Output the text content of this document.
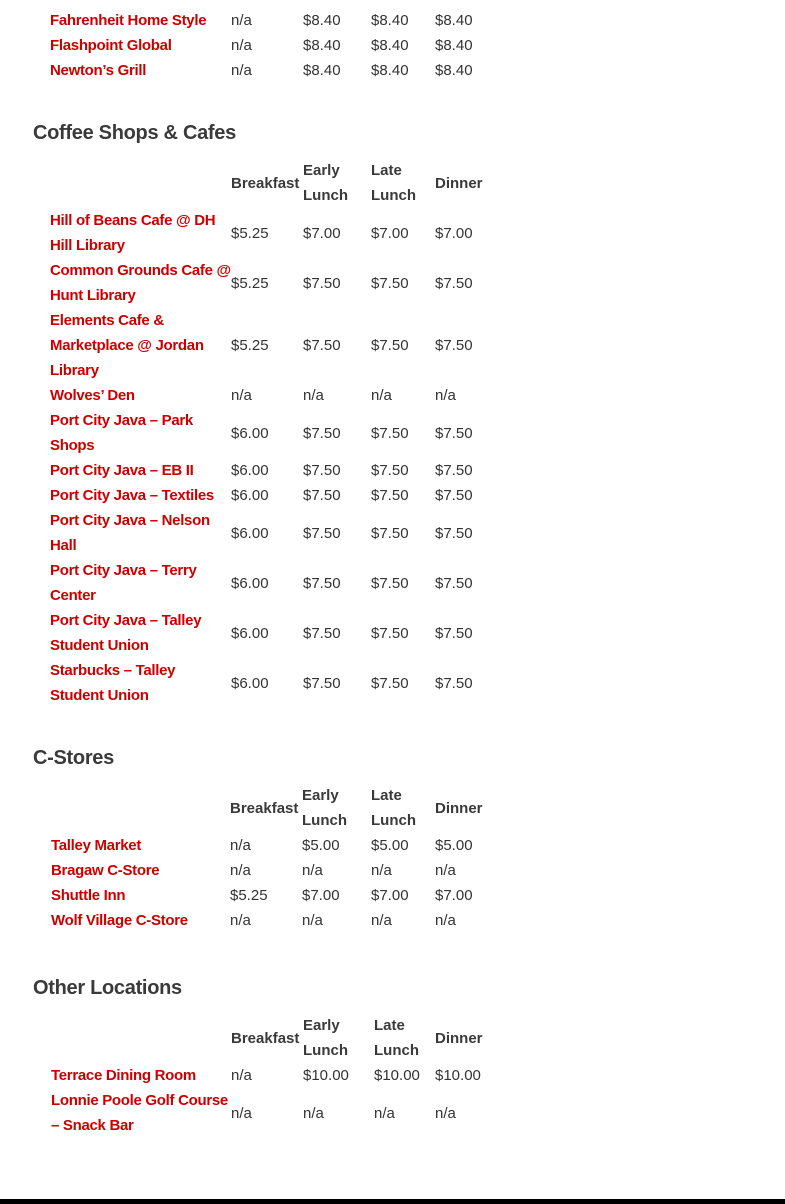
Fahrenheit Home Style	n/a	$8.40	$8.40	$8.40
Flashpoint Global	n/a	$8.40	$8.40	$8.40
Newton’s Grill	n/a	$8.40	$8.40	$8.40
Coffee Shops & Cafes
	Breakfast	Early Lunch	Late Lunch	Dinner
Hill of Beans Cafe @ DH Hill Library	$5.25	$7.00	$7.00	$7.00
Common Grounds Cafe @ Hunt Library	$5.25	$7.50	$7.50	$7.50
Elements Cafe & Marketplace @ Jordan Library	$5.25	$7.50	$7.50	$7.50
Wolves’ Den	n/a	n/a	n/a	n/a
Port City Java – Park Shops	$6.00	$7.50	$7.50	$7.50
Port City Java – EB II	$6.00	$7.50	$7.50	$7.50
Port City Java – Textiles	$6.00	$7.50	$7.50	$7.50
Port City Java – Nelson Hall	$6.00	$7.50	$7.50	$7.50
Port City Java – Terry Center	$6.00	$7.50	$7.50	$7.50
Port City Java – Talley Student Union	$6.00	$7.50	$7.50	$7.50
Starbucks – Talley Student Union	$6.00	$7.50	$7.50	$7.50
C-Stores
	Breakfast	Early Lunch	Late Lunch	Dinner
Talley Market	n/a	$5.00	$5.00	$5.00
Bragaw C-Store	n/a	n/a	n/a	n/a
Shuttle Inn	$5.25	$7.00	$7.00	$7.00
Wolf Village C-Store	n/a	n/a	n/a	n/a
Other Locations
	Breakfast	Early Lunch	Late Lunch	Dinner
Terrace Dining Room	n/a	$10.00	$10.00	$10.00
Lonnie Poole Golf Course – Snack Bar	n/a	n/a	n/a	n/a
